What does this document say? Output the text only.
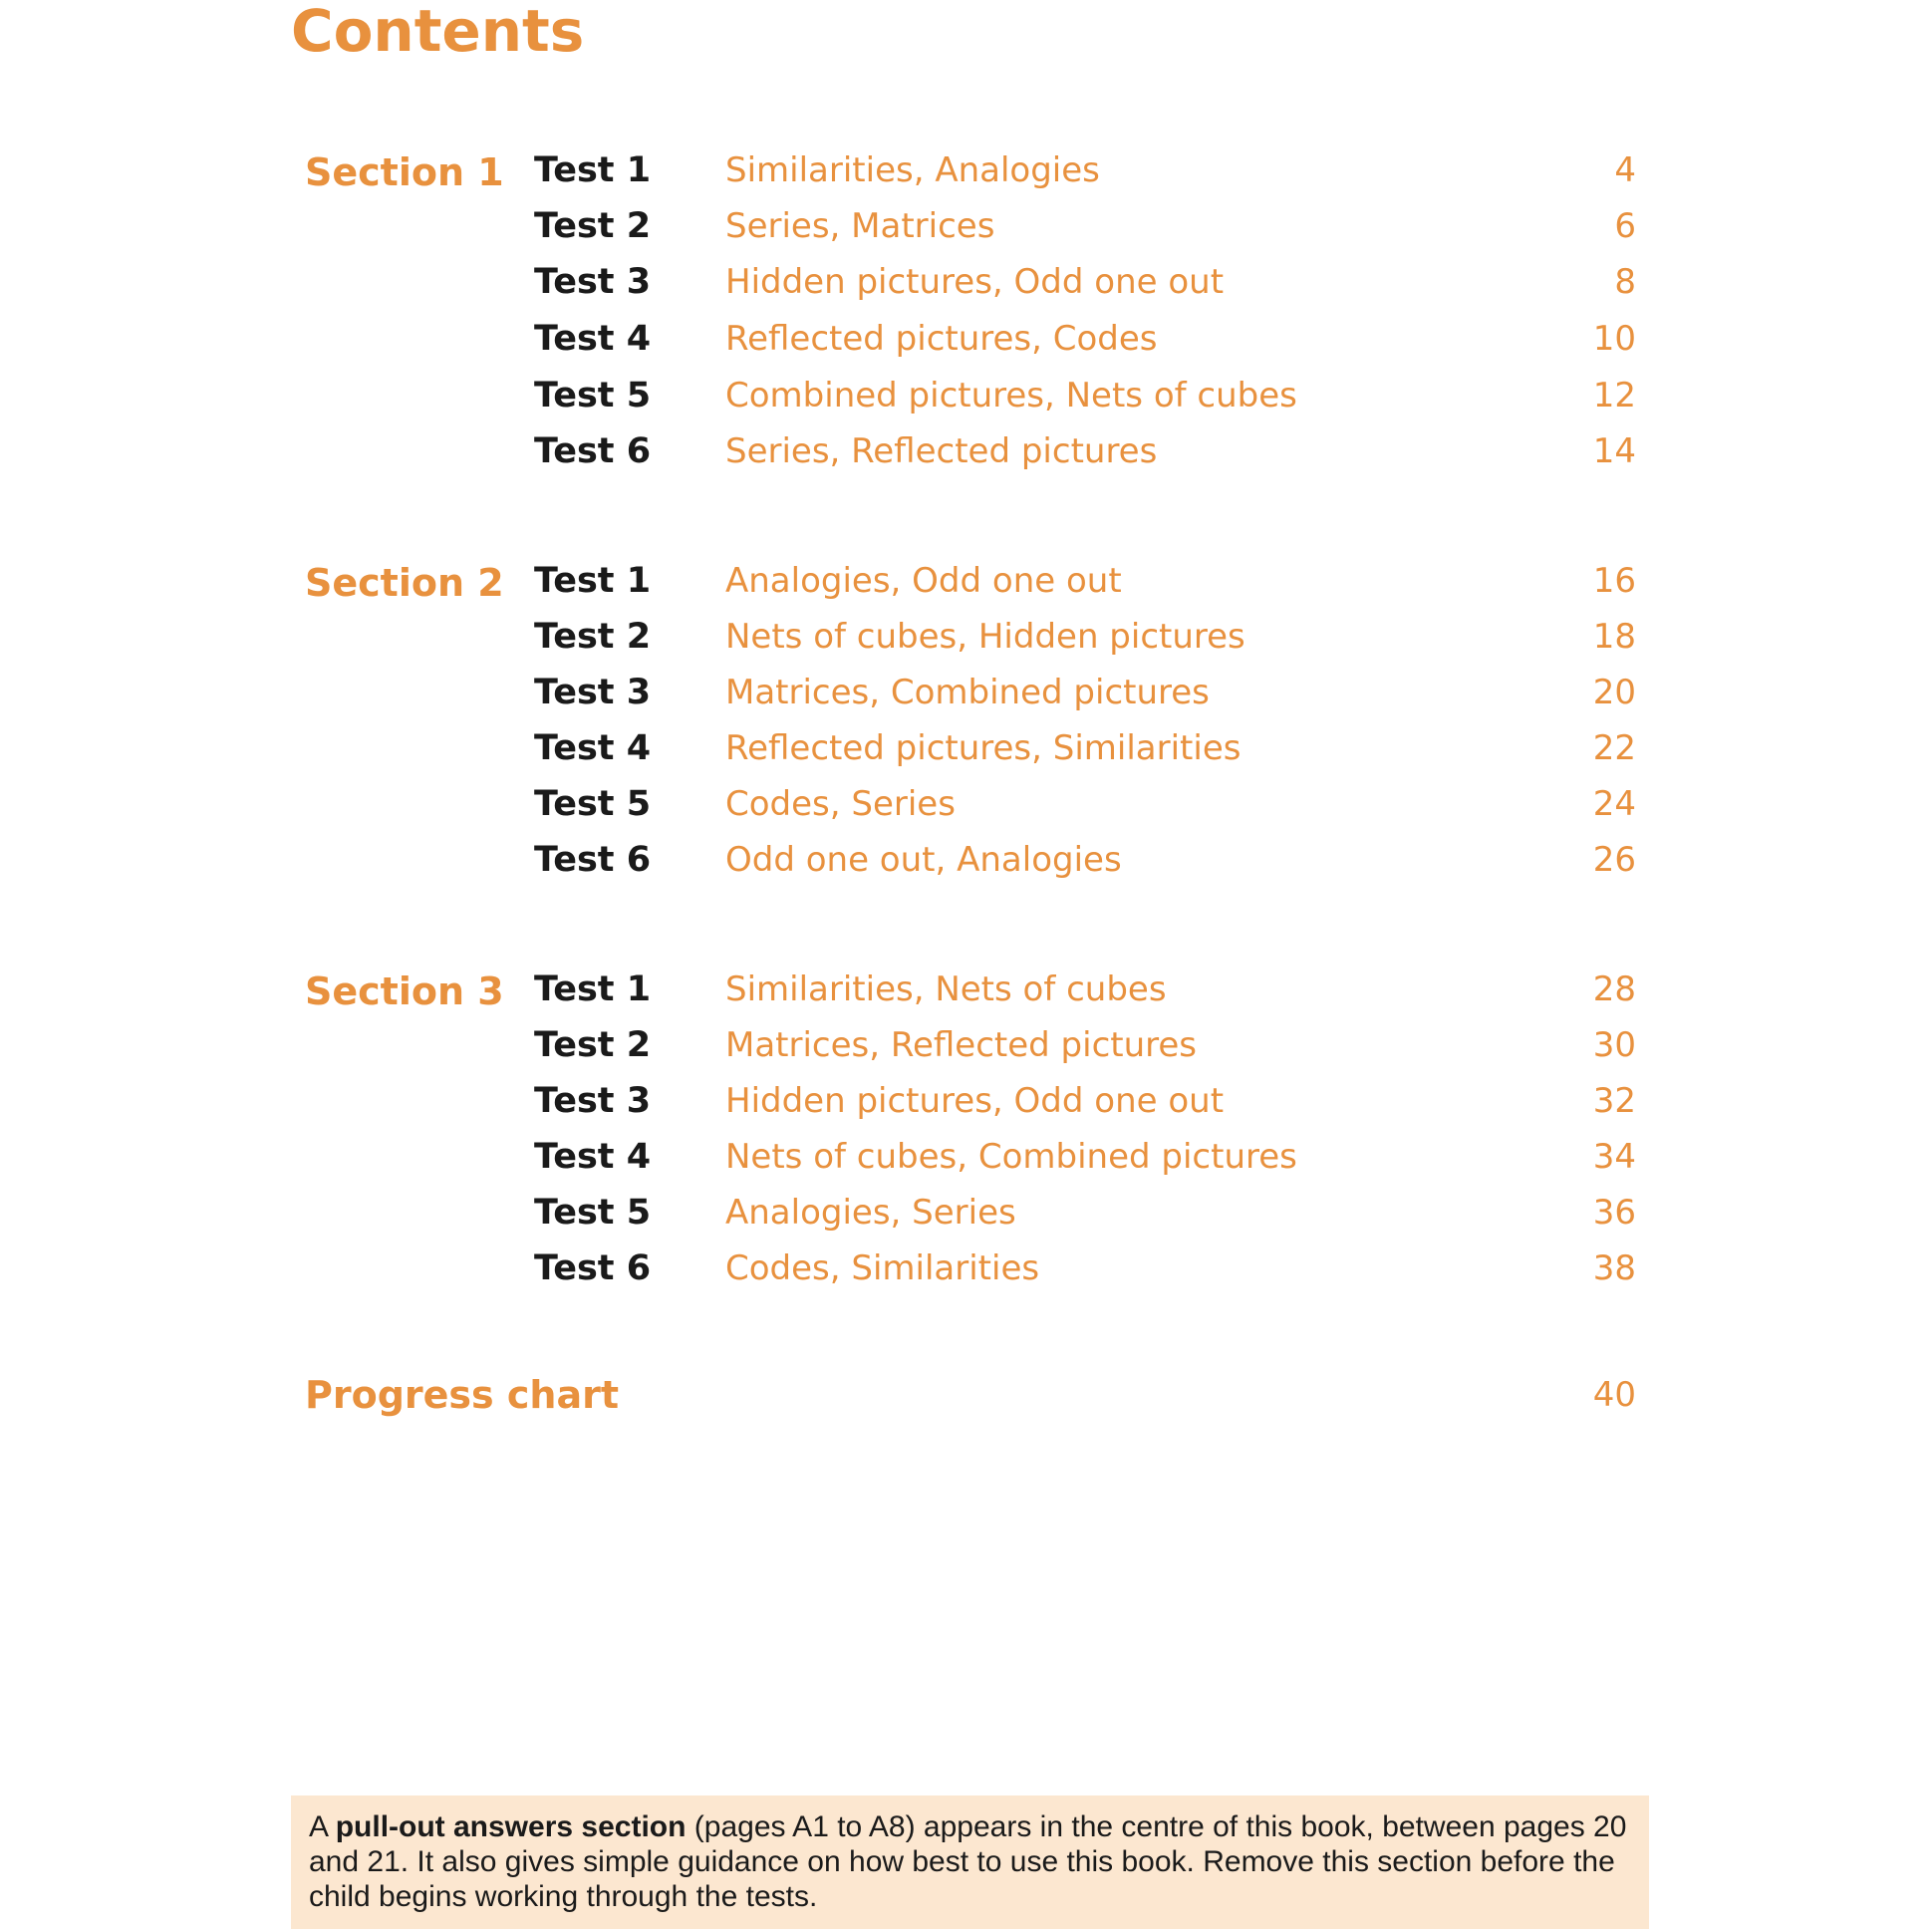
Contents
Section 1 Test 1 Similarities, Analogies	4
Test 2 Series, Matrices	6
Test 3 Hidden pictures, Odd one out	8
Test 4 Reflected pictures, Codes	10
Test 5 Combined pictures, Nets of cubes	12
Test 6 Series, Reflected pictures	14
Section 2 Test 1 Analogies, Odd one out	16
Test 2 Nets of cubes, Hidden pictures	18
Test 3 Matrices, Combined pictures	20
Test 4 Reflected pictures, Similarities	22
Test 5 Codes, Series	24
Test 6 Odd one out, Analogies	26
Section 3 Test 1 Similarities, Nets of cubes	28
Test 2 Matrices, Reflected pictures	30
Test 3 Hidden pictures, Odd one out	32
Test 4 Nets of cubes, Combined pictures	34
Test 5 Analogies, Series	36
Test 6 Codes, Similarities	38
Progress chart	40
A pull-out answers section (pages A1 to A8) appears in the centre of this book, between pages 20 and 21. It also gives simple guidance on how best to use this book. Remove this section before the child begins working through the tests.
